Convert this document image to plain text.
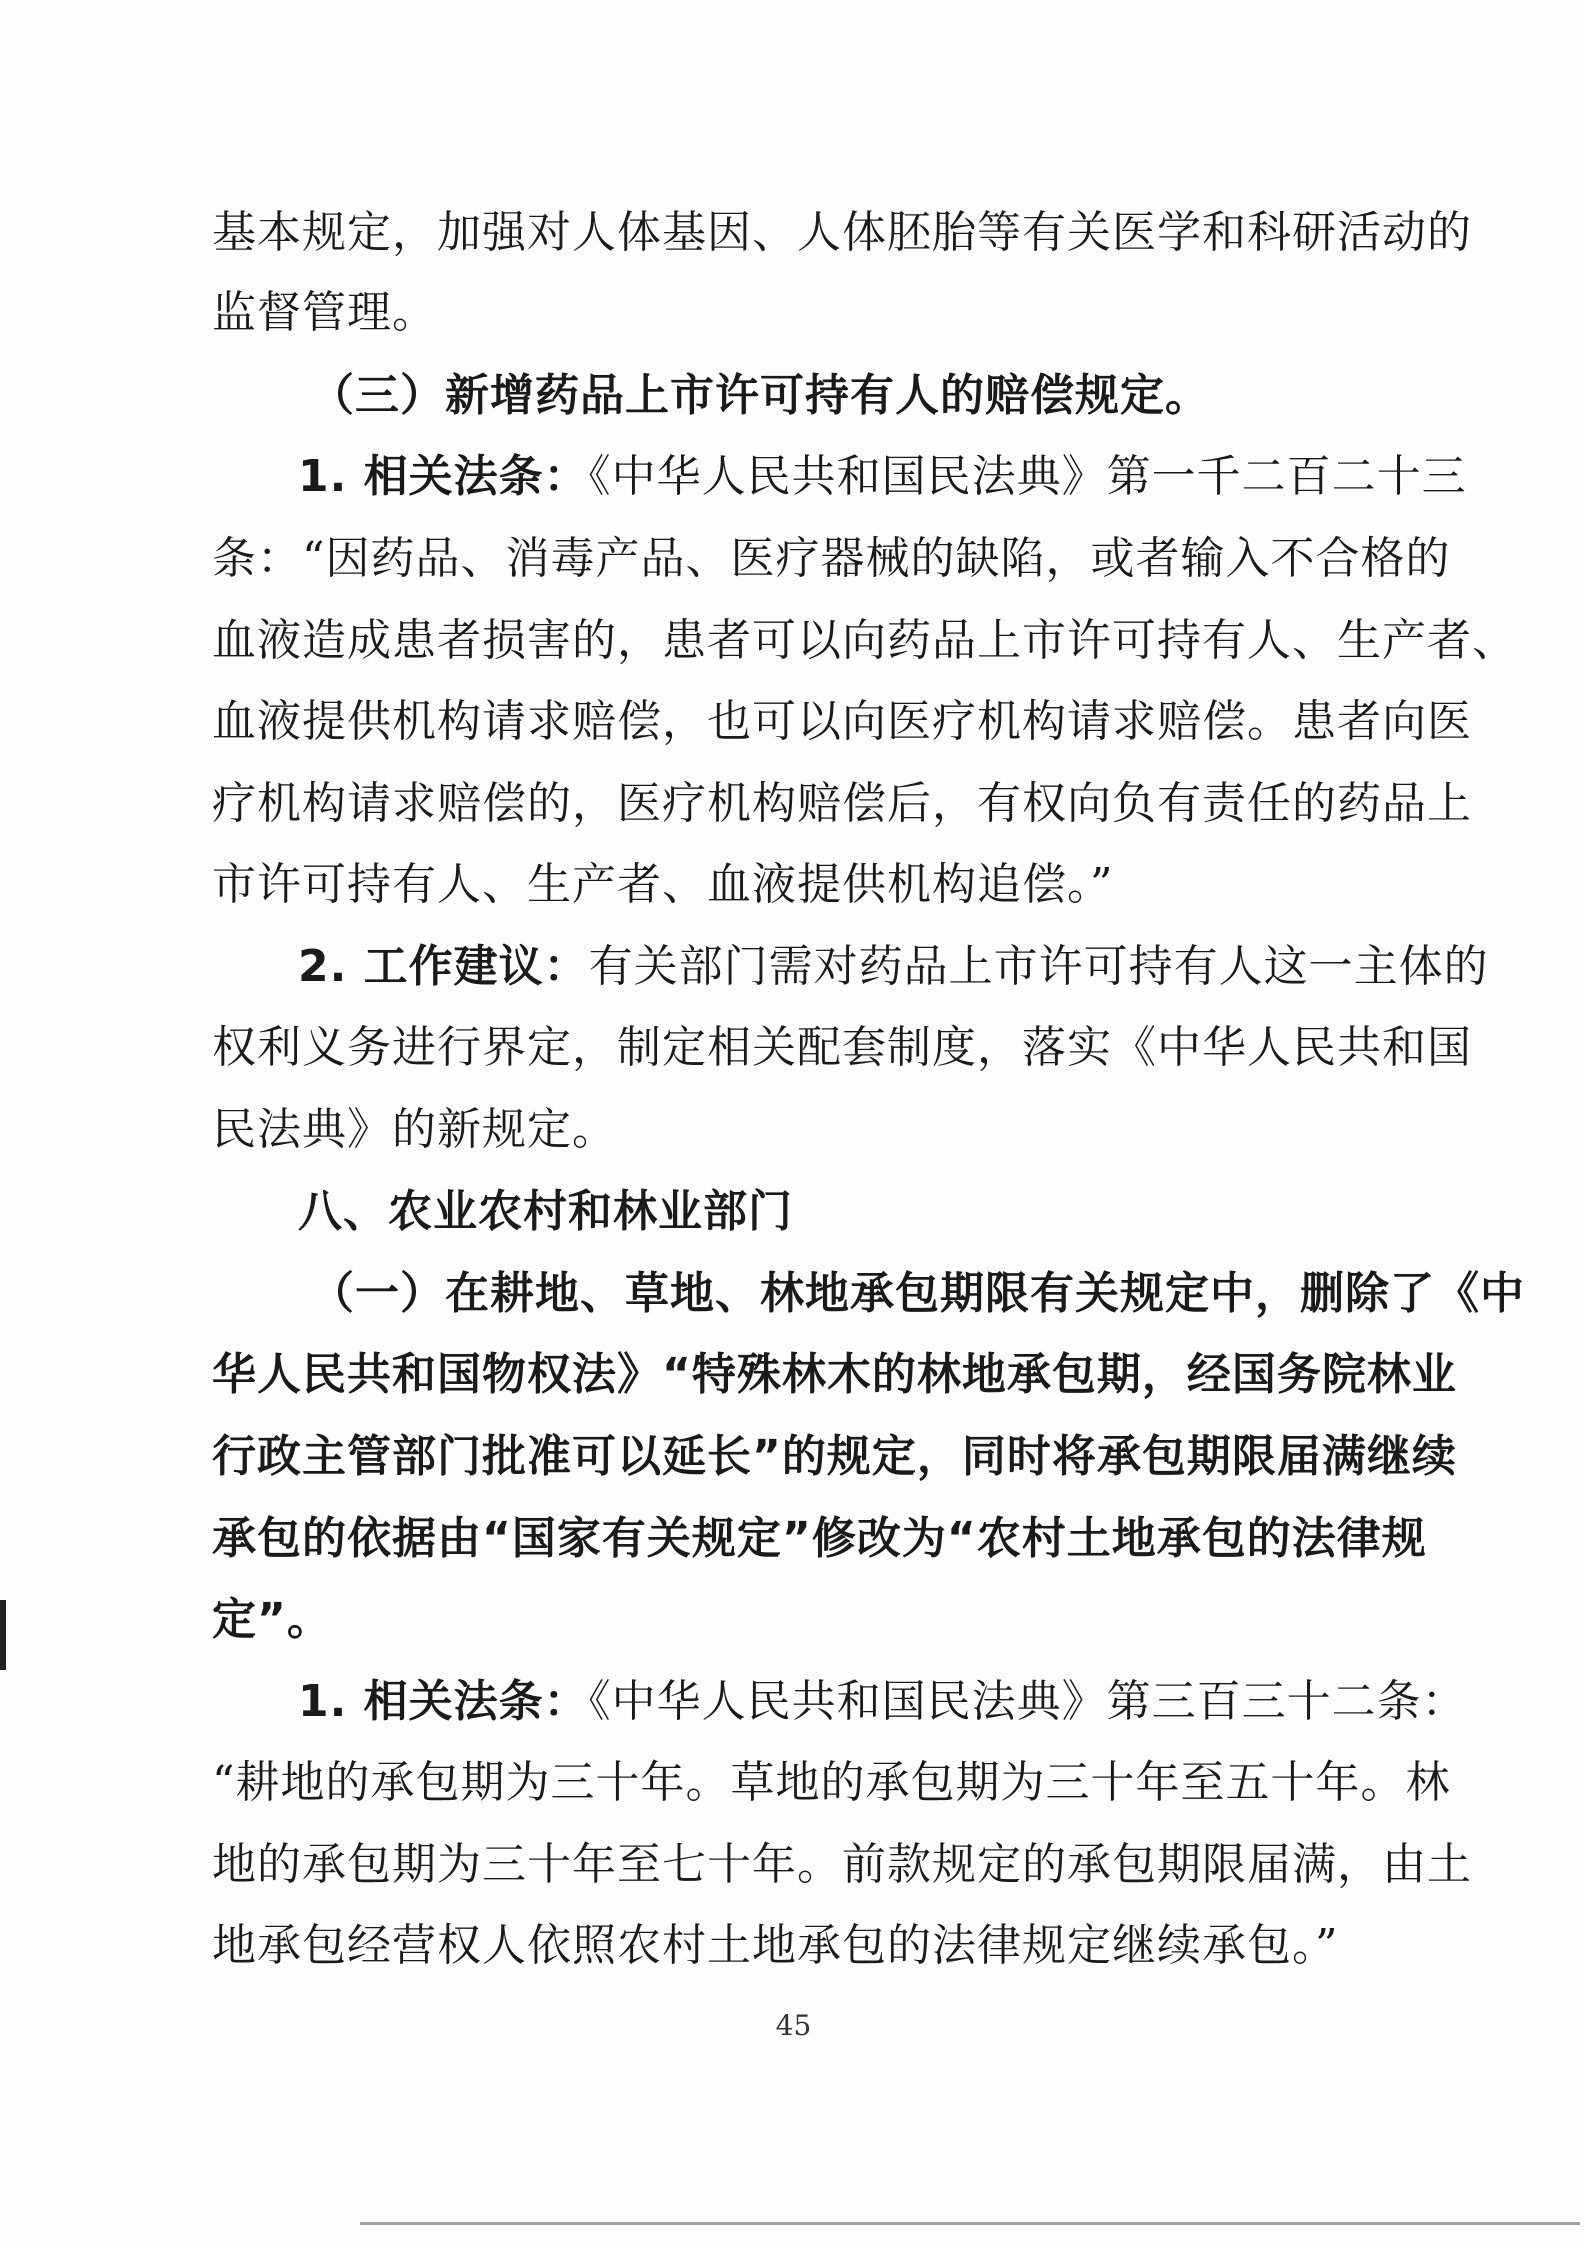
基本规定，加强对人体基因、人体胚胎等有关医学和科研活动的
监督管理。
（三）新增药品上市许可持有人的赔偿规定。
1. 相关法条：《中华人民共和国民法典》第一千二百二十三
条：“因药品、消毒产品、医疗器械的缺陷，或者输入不合格的
血液造成患者损害的，患者可以向药品上市许可持有人、生产者、
血液提供机构请求赔偿，也可以向医疗机构请求赔偿。患者向医
疗机构请求赔偿的，医疗机构赔偿后，有权向负有责任的药品上
市许可持有人、生产者、血液提供机构追偿。”
2. 工作建议：有关部门需对药品上市许可持有人这一主体的
权利义务进行界定，制定相关配套制度，落实《中华人民共和国
民法典》的新规定。
八、农业农村和林业部门
（一）在耕地、草地、林地承包期限有关规定中，删除了《中
华人民共和国物权法》“特殊林木的林地承包期，经国务院林业
行政主管部门批准可以延长”的规定，同时将承包期限届满继续
承包的依据由“国家有关规定”修改为“农村土地承包的法律规
定”。
1. 相关法条：《中华人民共和国民法典》第三百三十二条：
“耕地的承包期为三十年。草地的承包期为三十年至五十年。林
地的承包期为三十年至七十年。前款规定的承包期限届满，由土
地承包经营权人依照农村土地承包的法律规定继续承包。”
45
